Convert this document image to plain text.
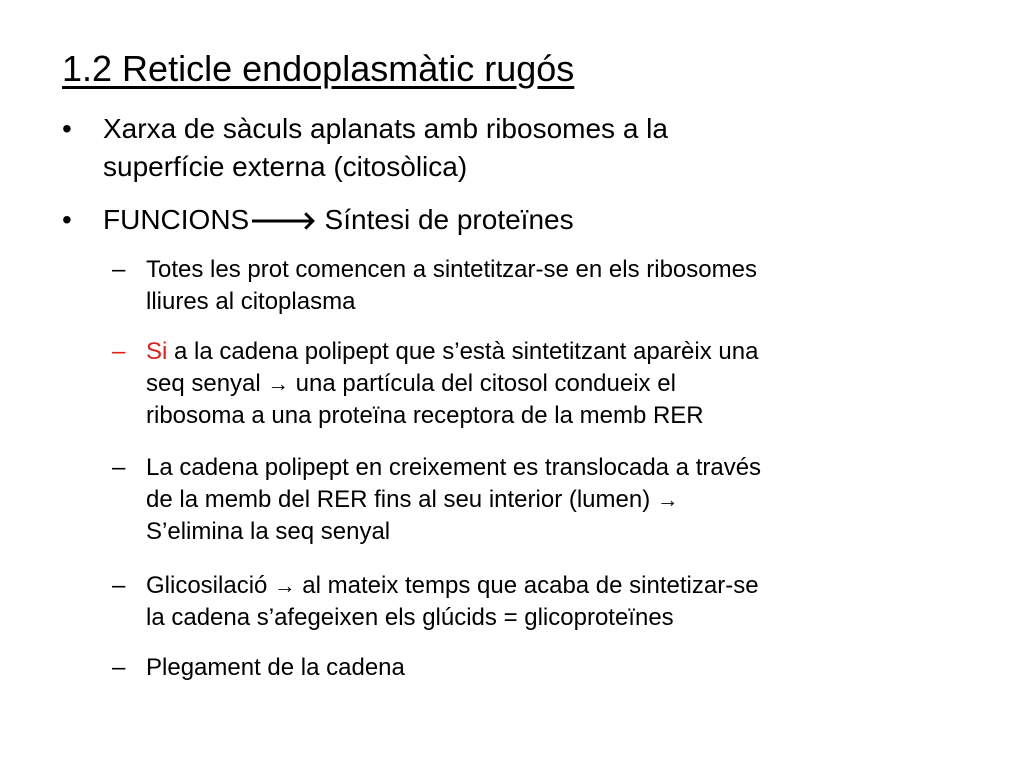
1.2 Reticle endoplasmàtic rugós
• Xarxa de sàculs aplanats amb ribosomes a la
superfície externa (citosòlica)
• FUNCIONS🡒 Síntesi de proteïnes
– Totes les prot comencen a sintetitzar-se en els ribosomes
lliures al citoplasma
– Si a la cadena polipept que s’està sintetitzant aparèix una
seq senyal → una partícula del citosol condueix el
ribosoma a una proteïna receptora de la memb RER
– La cadena polipept en creixement es translocada a través
de la memb del RER fins al seu interior (lumen) →
S’elimina la seq senyal
– Glicosilació → al mateix temps que acaba de sintetizar-se
la cadena s’afegeixen els glúcids = glicoproteïnes
– Plegament de la cadena
